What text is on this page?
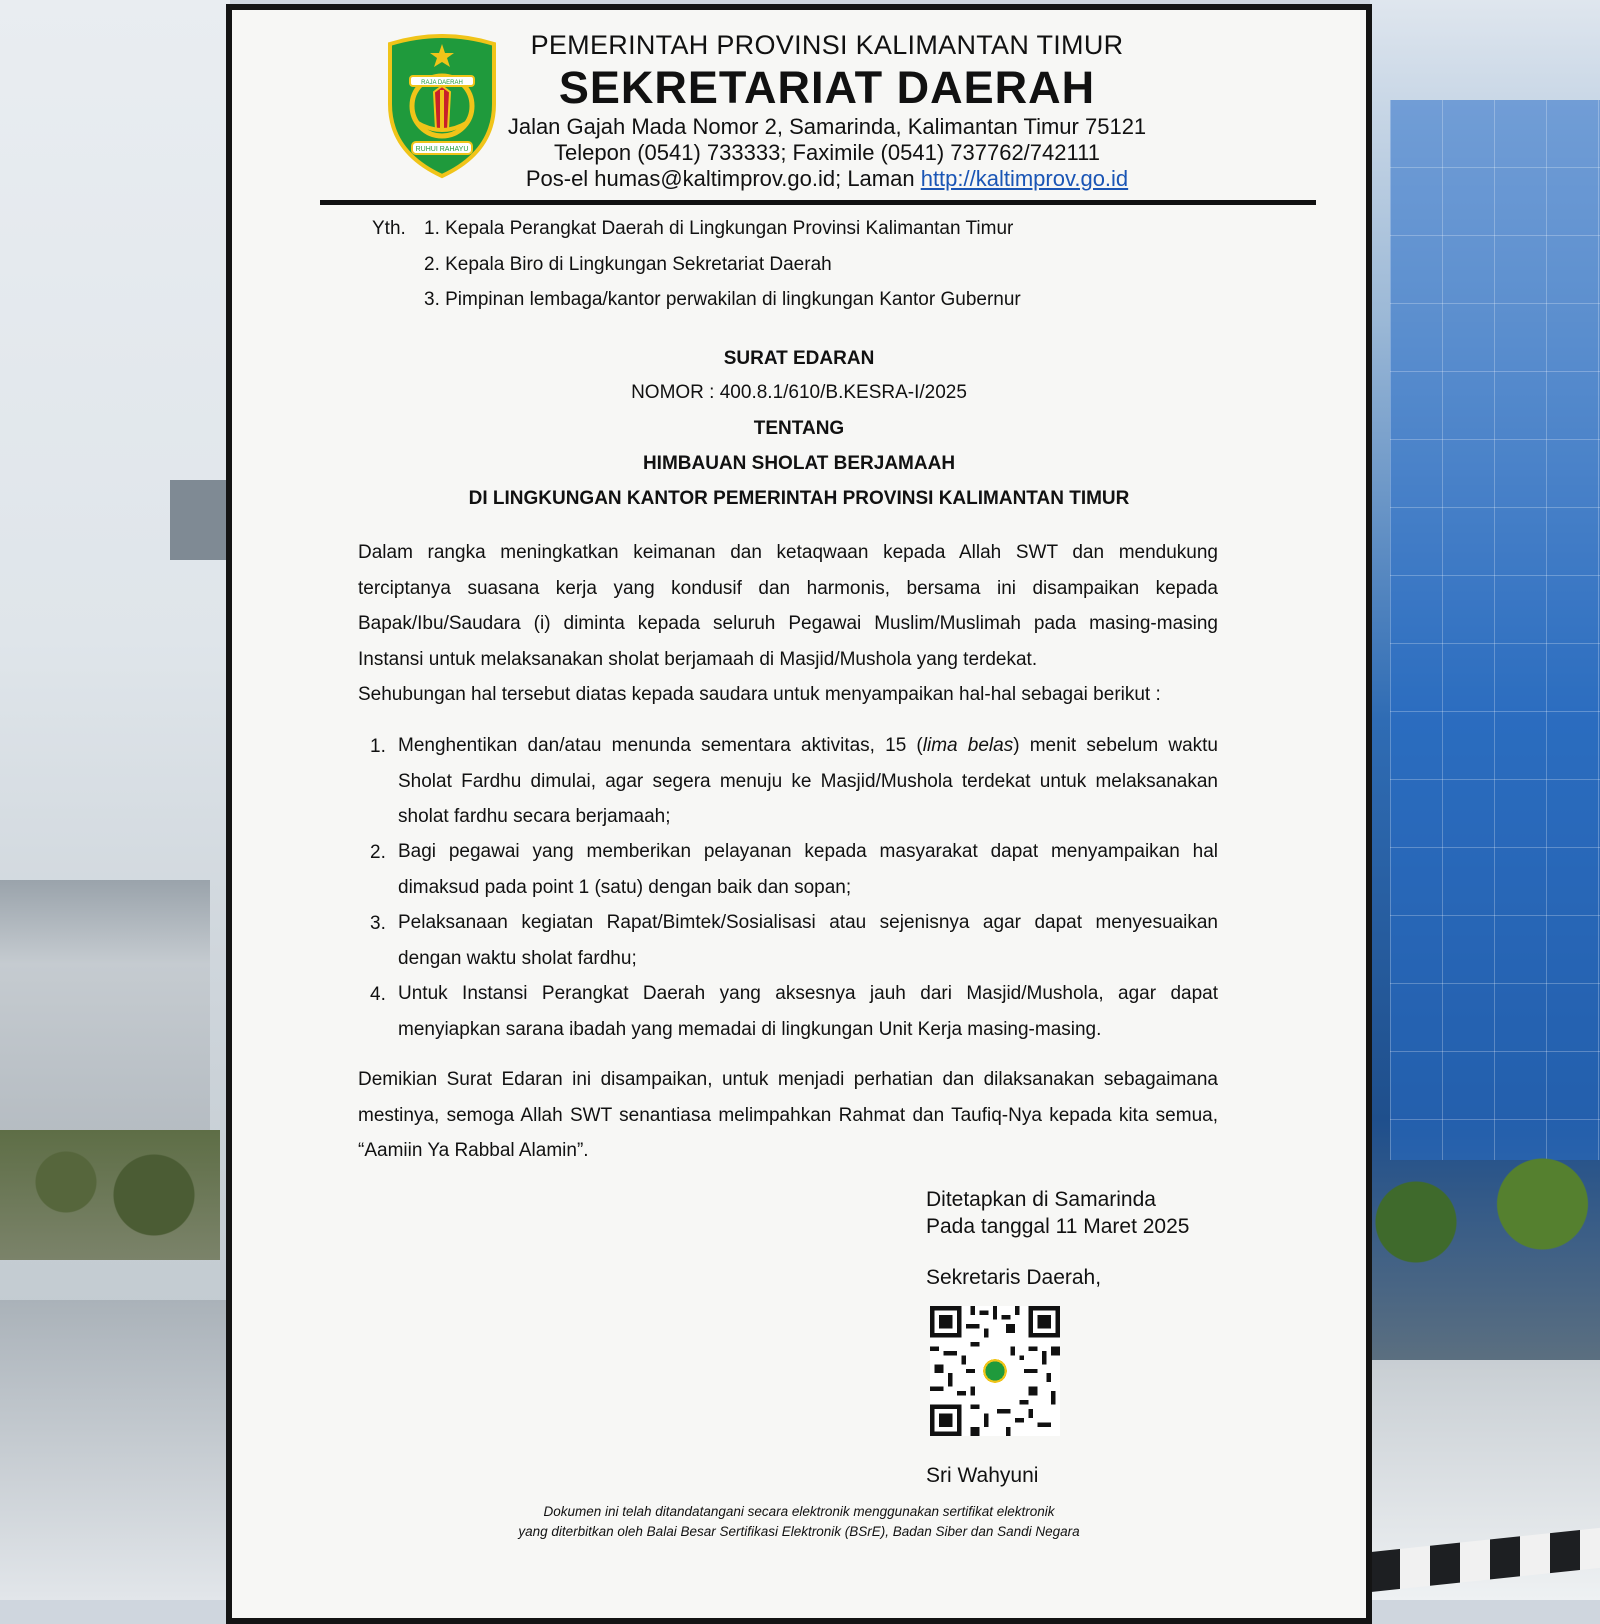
RAJA DAERAH
RUHUI RAHAYU
PEMERINTAH PROVINSI KALIMANTAN TIMUR
SEKRETARIAT DAERAH
Jalan Gajah Mada Nomor 2, Samarinda, Kalimantan Timur 75121
Telepon (0541) 733333; Faximile (0541) 737762/742111
Pos-el humas@kaltimprov.go.id; Laman http://kaltimprov.go.id
Yth. 1. Kepala Perangkat Daerah di Lingkungan Provinsi Kalimantan Timur
2. Kepala Biro di Lingkungan Sekretariat Daerah
3. Pimpinan lembaga/kantor perwakilan di lingkungan Kantor Gubernur
SURAT EDARAN
NOMOR : 400.8.1/610/B.KESRA-I/2025
TENTANG
HIMBAUAN SHOLAT BERJAMAAH
DI LINGKUNGAN KANTOR PEMERINTAH PROVINSI KALIMANTAN TIMUR
Dalam rangka meningkatkan keimanan dan ketaqwaan kepada Allah SWT dan mendukung terciptanya suasana kerja yang kondusif dan harmonis, bersama ini disampaikan kepada Bapak/Ibu/Saudara (i) diminta kepada seluruh Pegawai Muslim/Muslimah pada masing-masing Instansi untuk melaksanakan sholat berjamaah di Masjid/Mushola yang terdekat.
Sehubungan hal tersebut diatas kepada saudara untuk menyampaikan hal-hal sebagai berikut :
1. Menghentikan dan/atau menunda sementara aktivitas, 15 (lima belas) menit sebelum waktu Sholat Fardhu dimulai, agar segera menuju ke Masjid/Mushola terdekat untuk melaksanakan sholat fardhu secara berjamaah;
2. Bagi pegawai yang memberikan pelayanan kepada masyarakat dapat menyampaikan hal dimaksud pada point 1 (satu) dengan baik dan sopan;
3. Pelaksanaan kegiatan Rapat/Bimtek/Sosialisasi atau sejenisnya agar dapat menyesuaikan dengan waktu sholat fardhu;
4. Untuk Instansi Perangkat Daerah yang aksesnya jauh dari Masjid/Mushola, agar dapat menyiapkan sarana ibadah yang memadai di lingkungan Unit Kerja masing-masing.
Demikian Surat Edaran ini disampaikan, untuk menjadi perhatian dan dilaksanakan sebagaimana mestinya, semoga Allah SWT senantiasa melimpahkan Rahmat dan Taufiq-Nya kepada kita semua, “Aamiin Ya Rabbal Alamin”.
Ditetapkan di Samarinda
Pada tanggal 11 Maret 2025
Sekretaris Daerah,
Sri Wahyuni
Dokumen ini telah ditandatangani secara elektronik menggunakan sertifikat elektronik
yang diterbitkan oleh Balai Besar Sertifikasi Elektronik (BSrE), Badan Siber dan Sandi Negara
